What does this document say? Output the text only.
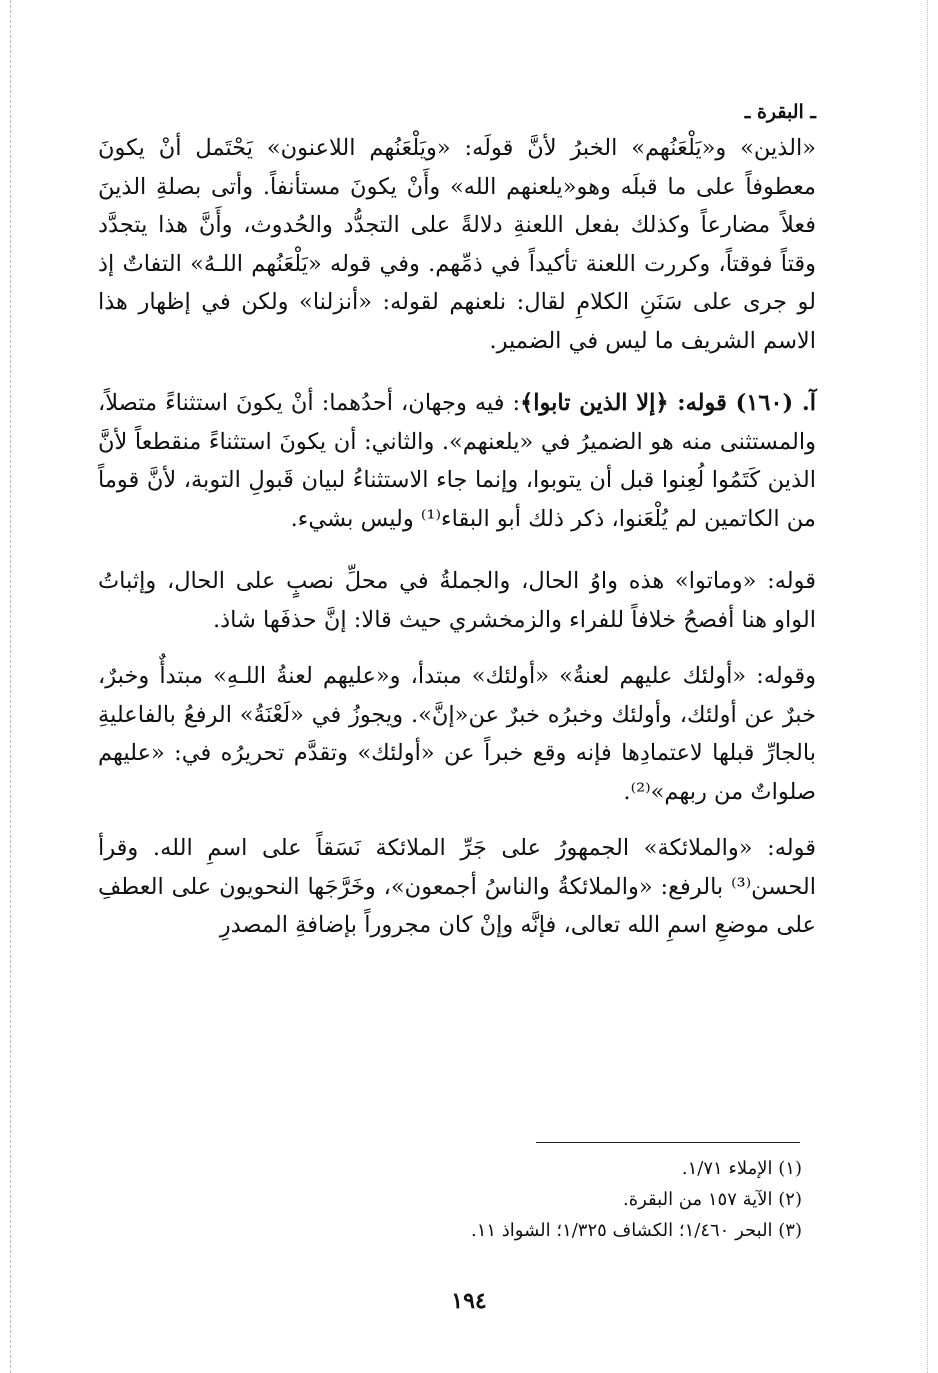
ـ البقرة ـ

«الذين» و«يَلْعَنُهم» الخبرُ لأنَّ قولَه: «ويَلْعَنُهم اللاعنون» يَحْتَمل أنْ يكونَ معطوفاً على ما قبلَه وهو«يلعنهم الله» وأَنْ يكونَ مستأنفاً. وأتى بصلةِ الذينَ فعلاً مضارعاً وكذلك بفعل اللعنةِ دلالةً على التجدُّد والحُدوث، وأَنَّ هذا يتجدَّد وقتاً فوقتاً، وكررت اللعنة تأكيداً في ذمِّهم. وفي قوله «يَلْعَنُهم اللـهُ» التفاتٌ إذ لو جرى على سَنَنِ الكلامِ لقال: نلعنهم لقوله: «أنزلنا» ولكن في إظهار هذا الاسم الشريف ما ليس في الضمير.

آ. (١٦٠) قوله: ﴿إلا الذين تابوا﴾: فيه وجهان، أحدُهما: أنْ يكونَ استثناءً متصلاً، والمستثنى منه هو الضميرُ في «يلعنهم». والثاني: أن يكونَ استثناءً منقطعاً لأنَّ الذين كَتَمُوا لُعِنوا قبل أن يتوبوا، وإنما جاء الاستثناءُ لبيان قَبولِ التوبة، لأنَّ قوماً من الكاتمين لم يُلْعَنوا، ذكر ذلك أبو البقاء⁽¹⁾ وليس بشيء.

قوله: «وماتوا» هذه واوُ الحال، والجملةُ في محلِّ نصبٍ على الحال، وإثباتُ الواو هنا أفصحُ خلافاً للفراء والزمخشري حيث قالا: إنَّ حذفَها شاذ.

وقوله: «أولئك عليهم لعنةُ» «أولئك» مبتدأ، و«عليهم لعنةُ اللـهِ» مبتدأٌ وخبرٌ، خبرٌ عن أولئك، وأولئك وخبرُه خبرٌ عن«إنَّ». ويجوزُ في «لَعْنَةُ» الرفعُ بالفاعليةِ بالجارِّ قبلها لاعتمادِها فإنه وقع خبراً عن «أولئك» وتقدَّم تحريرُه في: «عليهم صلواتٌ من ربهم»⁽²⁾.

قوله: «والملائكة» الجمهورُ على جَرِّ الملائكة نَسَقاً على اسمِ الله. وقرأ الحسن⁽³⁾ بالرفع: «والملائكةُ والناسُ أجمعون»، وخَرَّجَها النحويون على العطفِ على موضعِ اسمِ الله تعالى، فإنَّه وإنْ كان مجروراً بإضافةِ المصدرِ

(١) الإملاء ١/٧١.
(٢) الآية ١٥٧ من البقرة.
(٣) البحر ١/٤٦٠؛ الكشاف ١/٣٢٥؛ الشواذ ١١.
١٩٤
